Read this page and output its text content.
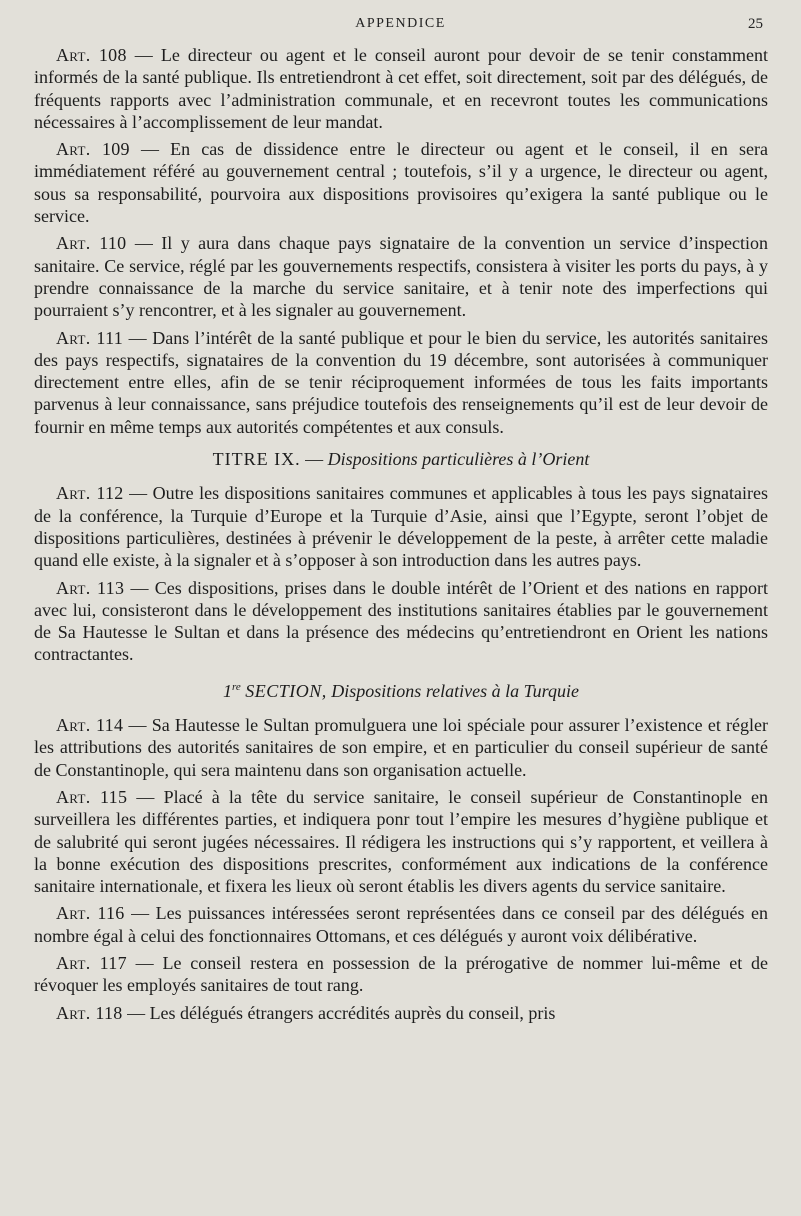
APPENDICE	25

Art. 108 — Le directeur ou agent et le conseil auront pour devoir de se tenir constamment informés de la santé publique. Ils entretiendront à cet effet, soit directement, soit par des délégués, de fréquents rapports avec l’administration communale, et en recevront toutes les communications nécessaires à l’accomplissement de leur mandat.

Art. 109 — En cas de dissidence entre le directeur ou agent et le conseil, il en sera immédiatement référé au gouvernement central ; toutefois, s’il y a urgence, le directeur ou agent, sous sa responsabilité, pourvoira aux dispositions provisoires qu’exigera la santé publique ou le service.

Art. 110 — Il y aura dans chaque pays signataire de la convention un service d’inspection sanitaire. Ce service, réglé par les gouvernements respectifs, consistera à visiter les ports du pays, à y prendre connaissance de la marche du service sanitaire, et à tenir note des imperfections qui pourraient s’y rencontrer, et à les signaler au gouvernement.

Art. 111 — Dans l’intérêt de la santé publique et pour le bien du service, les autorités sanitaires des pays respectifs, signataires de la convention du 19 décembre, sont autorisées à communiquer directement entre elles, afin de se tenir réciproquement informées de tous les faits importants parvenus à leur connaissance, sans préjudice toutefois des renseignements qu’il est de leur devoir de fournir en même temps aux autorités compétentes et aux consuls.

TITRE IX. — Dispositions particulières à l’Orient

Art. 112 — Outre les dispositions sanitaires communes et applicables à tous les pays signataires de la conférence, la Turquie d’Europe et la Turquie d’Asie, ainsi que l’Egypte, seront l’objet de dispositions particulières, destinées à prévenir le développement de la peste, à arrêter cette maladie quand elle existe, à la signaler et à s’opposer à son introduction dans les autres pays.

Art. 113 — Ces dispositions, prises dans le double intérêt de l’Orient et des nations en rapport avec lui, consisteront dans le développement des institutions sanitaires établies par le gouvernement de Sa Hautesse le Sultan et dans la présence des médecins qu’entretiendront en Orient les nations contractantes.

1re SECTION, Dispositions relatives à la Turquie

Art. 114 — Sa Hautesse le Sultan promulguera une loi spéciale pour assurer l’existence et régler les attributions des autorités sanitaires de son empire, et en particulier du conseil supérieur de santé de Constantinople, qui sera maintenu dans son organisation actuelle.

Art. 115 — Placé à la tête du service sanitaire, le conseil supérieur de Constantinople en surveillera les différentes parties, et indiquera ponr tout l’empire les mesures d’hygiène publique et de salubrité qui seront jugées nécessaires. Il rédigera les instructions qui s’y rapportent, et veillera à la bonne exécution des dispositions prescrites, conformément aux indications de la conférence sanitaire internationale, et fixera les lieux où seront établis les divers agents du service sanitaire.

Art. 116 — Les puissances intéressées seront représentées dans ce conseil par des délégués en nombre égal à celui des fonctionnaires Ottomans, et ces délégués y auront voix délibérative.

Art. 117 — Le conseil restera en possession de la prérogative de nommer lui-même et de révoquer les employés sanitaires de tout rang.

Art. 118 — Les délégués étrangers accrédités auprès du conseil, pris
